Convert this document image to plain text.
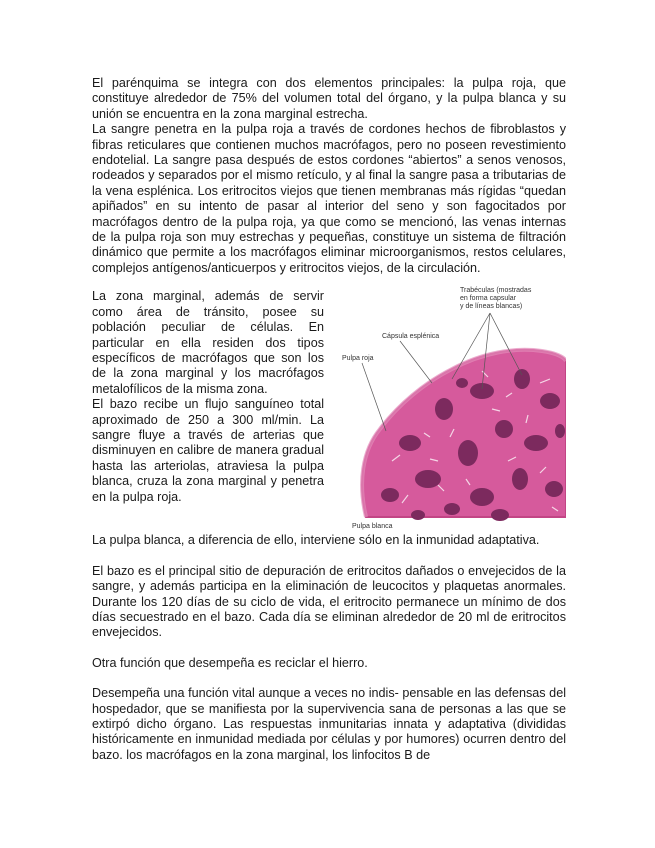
El parénquima se integra con dos elementos principales: la pulpa roja, que constituye alrededor de 75% del volumen total del órgano, y la pulpa blanca y su unión se encuentra en la zona marginal estrecha.

La sangre penetra en la pulpa roja a través de cordones hechos de fibroblastos y fibras reticulares que contienen muchos macrófagos, pero no poseen revestimiento endotelial. La sangre pasa después de estos cordones “abiertos” a senos venosos, rodeados y separados por el mismo retículo, y al final la sangre pasa a tributarias de la vena esplénica. Los eritrocitos viejos que tienen membranas más rígidas “quedan apiñados” en su intento de pasar al interior del seno y son fagocitados por macrófagos dentro de la pulpa roja, ya que como se mencionó, las venas internas de la pulpa roja son muy estrechas y pequeñas, constituye un sistema de filtración dinámico que permite a los macrófagos eliminar microorganismos, restos celulares, complejos antígenos/anticuerpos y eritrocitos viejos, de la circulación.

La zona marginal, además de servir como área de tránsito, posee su población peculiar de células. En particular en ella residen dos tipos específicos de macrófagos que son los de la zona marginal y los macrófagos metalofílicos de la misma zona.

El bazo recibe un flujo sanguíneo total aproximado de 250 a 300 ml/min. La sangre fluye a través de arterias que disminuyen en calibre de manera gradual hasta las arteriolas, atraviesa la pulpa blanca, cruza la zona marginal y penetra en la pulpa roja.

Trabéculas (mostradas
en forma capsular
y de líneas blancas)
Cápsula esplénica
Pulpa roja
Pulpa blanca

La pulpa blanca, a diferencia de ello, interviene sólo en la inmunidad adaptativa.

El bazo es el principal sitio de depuración de eritrocitos dañados o envejecidos de la sangre, y además participa en la eliminación de leucocitos y plaquetas anormales. Durante los 120 días de su ciclo de vida, el eritrocito permanece un mínimo de dos días secuestrado en el bazo. Cada día se eliminan alrededor de 20 ml de eritrocitos envejecidos.

Otra función que desempeña es reciclar el hierro.

Desempeña una función vital aunque a veces no indis- pensable en las defensas del hospedador, que se manifiesta por la supervivencia sana de personas a las que se extirpó dicho órgano. Las respuestas inmunitarias innata y adaptativa (divididas históricamente en inmunidad mediada por células y por humores) ocurren dentro del bazo. los macrófagos en la zona marginal, los linfocitos B de
